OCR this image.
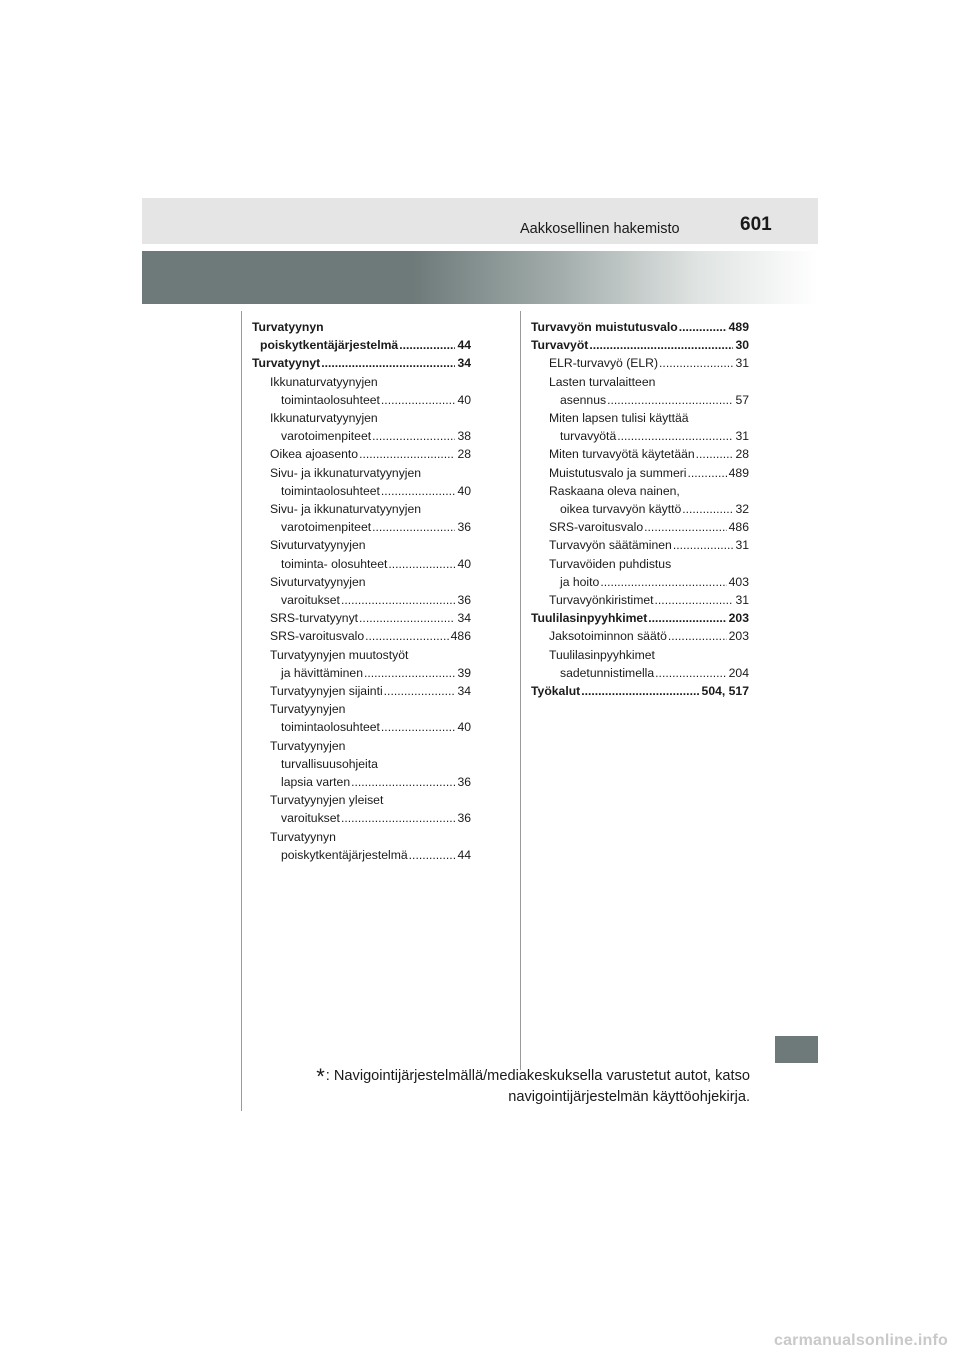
Aakkosellinen hakemisto	601
Turvatyynyn
poiskytkentäjärjestelmä .....	44
Turvatyynyt .....	34
Ikkunaturvatyynyjen
toimintaolosuhteet .....	40
Ikkunaturvatyynyjen
varotoimenpiteet .....	38
Oikea ajoasento .....	28
Sivu- ja ikkunaturvatyynyjen
toimintaolosuhteet .....	40
Sivu- ja ikkunaturvatyynyjen
varotoimenpiteet .....	36
Sivuturvatyynyjen
toiminta- olosuhteet .....	40
Sivuturvatyynyjen
varoitukset .....	36
SRS-turvatyynyt .....	34
SRS-varoitusvalo .....	486
Turvatyynyjen muutostyöt
ja hävittäminen .....	39
Turvatyynyjen sijainti .....	34
Turvatyynyjen
toimintaolosuhteet .....	40
Turvatyynyjen
turvallisuusohjeita
lapsia varten .....	36
Turvatyynyjen yleiset
varoitukset .....	36
Turvatyynyn
poiskytkentäjärjestelmä .....	44
Turvavyön muistutusvalo .....	489
Turvavyöt .....	30
ELR-turvavyö (ELR) .....	31
Lasten turvalaitteen
asennus .....	57
Miten lapsen tulisi käyttää
turvavyötä .....	31
Miten turvavyötä käytetään .....	28
Muistutusvalo ja summeri .....	489
Raskaana oleva nainen,
oikea turvavyön käyttö .....	32
SRS-varoitusvalo .....	486
Turvavyön säätäminen .....	31
Turvavöiden puhdistus
ja hoito .....	403
Turvavyönkiristimet .....	31
Tuulilasinpyyhkimet .....	203
Jaksotoiminnon säätö .....	203
Tuulilasinpyyhkimet
sadetunnistimella .....	204
Työkalut .....	504, 517
*: Navigointijärjestelmällä/mediakeskuksella varustetut autot, katso
navigointijärjestelmän käyttöohjekirja.
carmanualsonline.info
